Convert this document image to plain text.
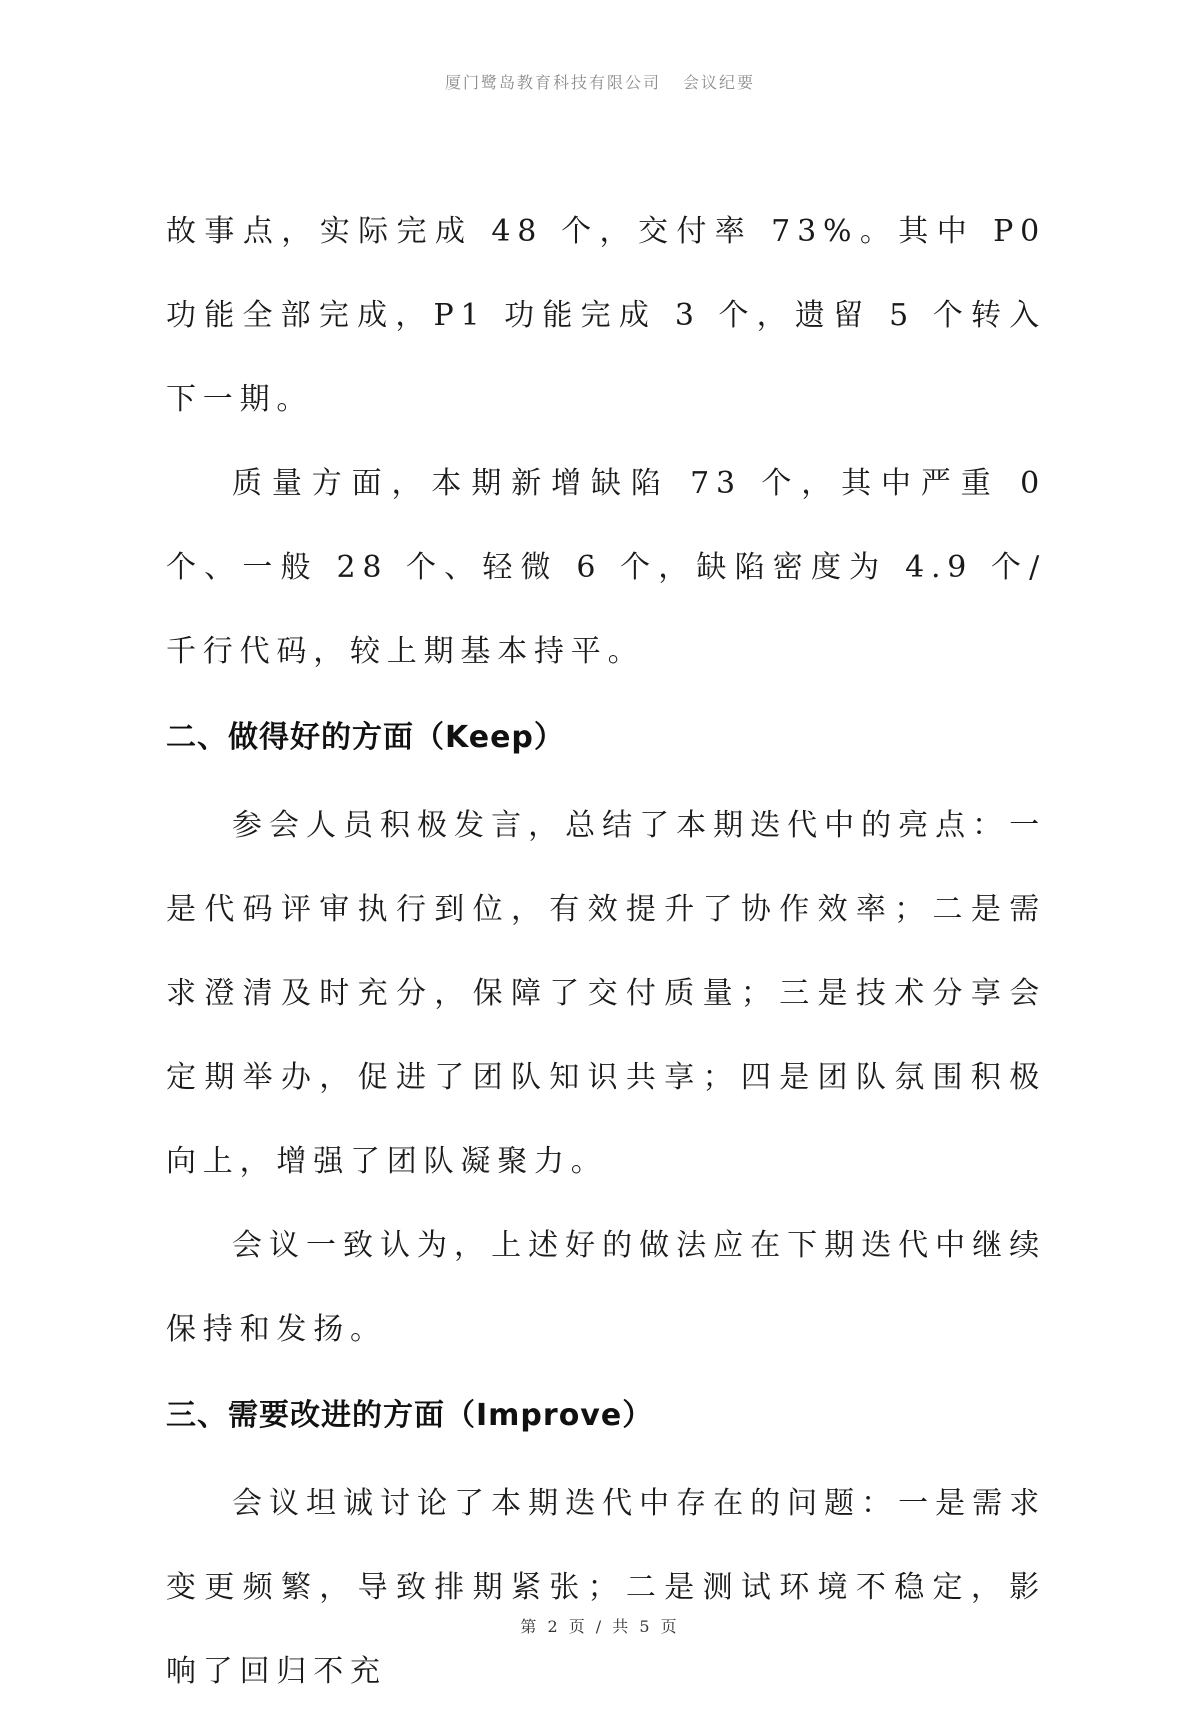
厦门鹭岛教育科技有限公司 会议纪要

故事点，实际完成 48 个，交付率 73%。其中 P0 功能全部完成，P1 功能完成 3 个，遗留 5 个转入下一期。

质量方面，本期新增缺陷 73 个，其中严重 0 个、一般 28 个、轻微 6 个，缺陷密度为 4.9 个/千行代码，较上期基本持平。

二、做得好的方面（Keep）

参会人员积极发言，总结了本期迭代中的亮点：一是代码评审执行到位，有效提升了协作效率；二是需求澄清及时充分，保障了交付质量；三是技术分享会定期举办，促进了团队知识共享；四是团队氛围积极向上，增强了团队凝聚力。

会议一致认为，上述好的做法应在下期迭代中继续保持和发扬。

三、需要改进的方面（Improve）

会议坦诚讨论了本期迭代中存在的问题：一是需求变更频繁，导致排期紧张；二是测试环境不稳定，影响了回归不充

第 2 页 / 共 5 页
